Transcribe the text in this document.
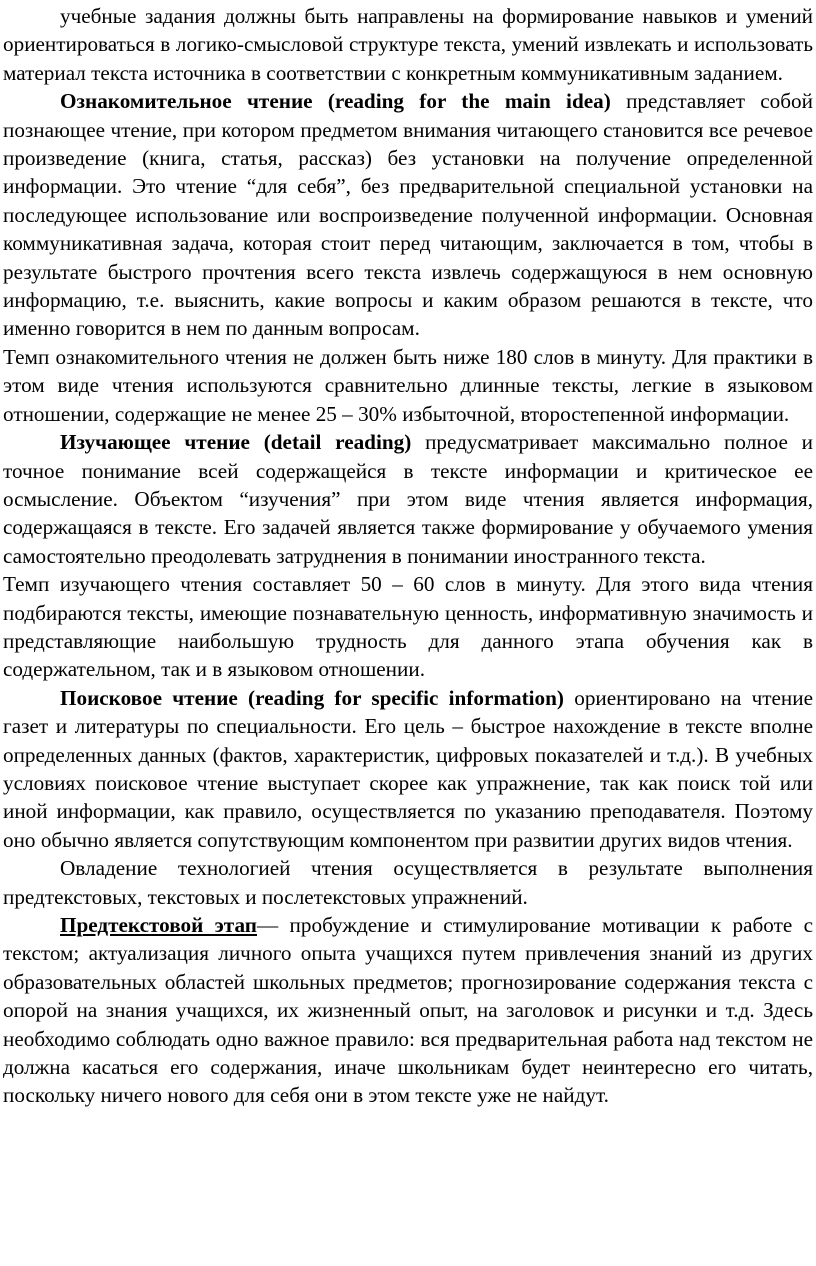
учебные задания должны быть направлены на формирование навыков и умений ориентироваться в логико-смысловой структуре текста, умений извлекать и использовать материал текста источника в соответствии с конкретным коммуникативным заданием.

Ознакомительное чтение (reading for the main idea) представляет собой познающее чтение, при котором предметом внимания читающего становится все речевое произведение (книга, статья, рассказ) без установки на получение определенной информации. Это чтение “для себя”, без предварительной специальной установки на последующее использование или воспроизведение полученной информации. Основная коммуникативная задача, которая стоит перед читающим, заключается в том, чтобы в результате быстрого прочтения всего текста извлечь содержащуюся в нем основную информацию, т.е. выяснить, какие вопросы и каким образом решаются в тексте, что именно говорится в нем по данным вопросам.

Темп ознакомительного чтения не должен быть ниже 180 слов в минуту. Для практики в этом виде чтения используются сравнительно длинные тексты, легкие в языковом отношении, содержащие не менее 25 – 30% избыточной, второстепенной информации.

Изучающее чтение (detail reading) предусматривает максимально полное и точное понимание всей содержащейся в тексте информации и критическое ее осмысление. Объектом “изучения” при этом виде чтения является информация, содержащаяся в тексте. Его задачей является также формирование у обучаемого умения самостоятельно преодолевать затруднения в понимании иностранного текста.

Темп изучающего чтения составляет 50 – 60 слов в минуту. Для этого вида чтения подбираются тексты, имеющие познавательную ценность, информативную значимость и представляющие наибольшую трудность для данного этапа обучения как в содержательном, так и в языковом отношении.

Поисковое чтение (reading for specific information) ориентировано на чтение газет и литературы по специальности. Его цель – быстрое нахождение в тексте вполне определенных данных (фактов, характеристик, цифровых показателей и т.д.). В учебных условиях поисковое чтение выступает скорее как упражнение, так как поиск той или иной информации, как правило, осуществляется по указанию преподавателя. Поэтому оно обычно является сопутствующим компонентом при развитии других видов чтения.

Овладение технологией чтения осуществляется в результате выполнения предтекстовых, текстовых и послетекстовых упражнений.

Предтекстовой этап— пробуждение и стимулирование мотивации к работе с текстом; актуализация личного опыта учащихся путем привлечения знаний из других образовательных областей школьных предметов; прогнозирование содержания текста с опорой на знания учащихся, их жизненный опыт, на заголовок и рисунки и т.д. Здесь необходимо соблюдать одно важное правило: вся предварительная работа над текстом не должна касаться его содержания, иначе школьникам будет неинтересно его читать, поскольку ничего нового для себя они в этом тексте уже не найдут.
